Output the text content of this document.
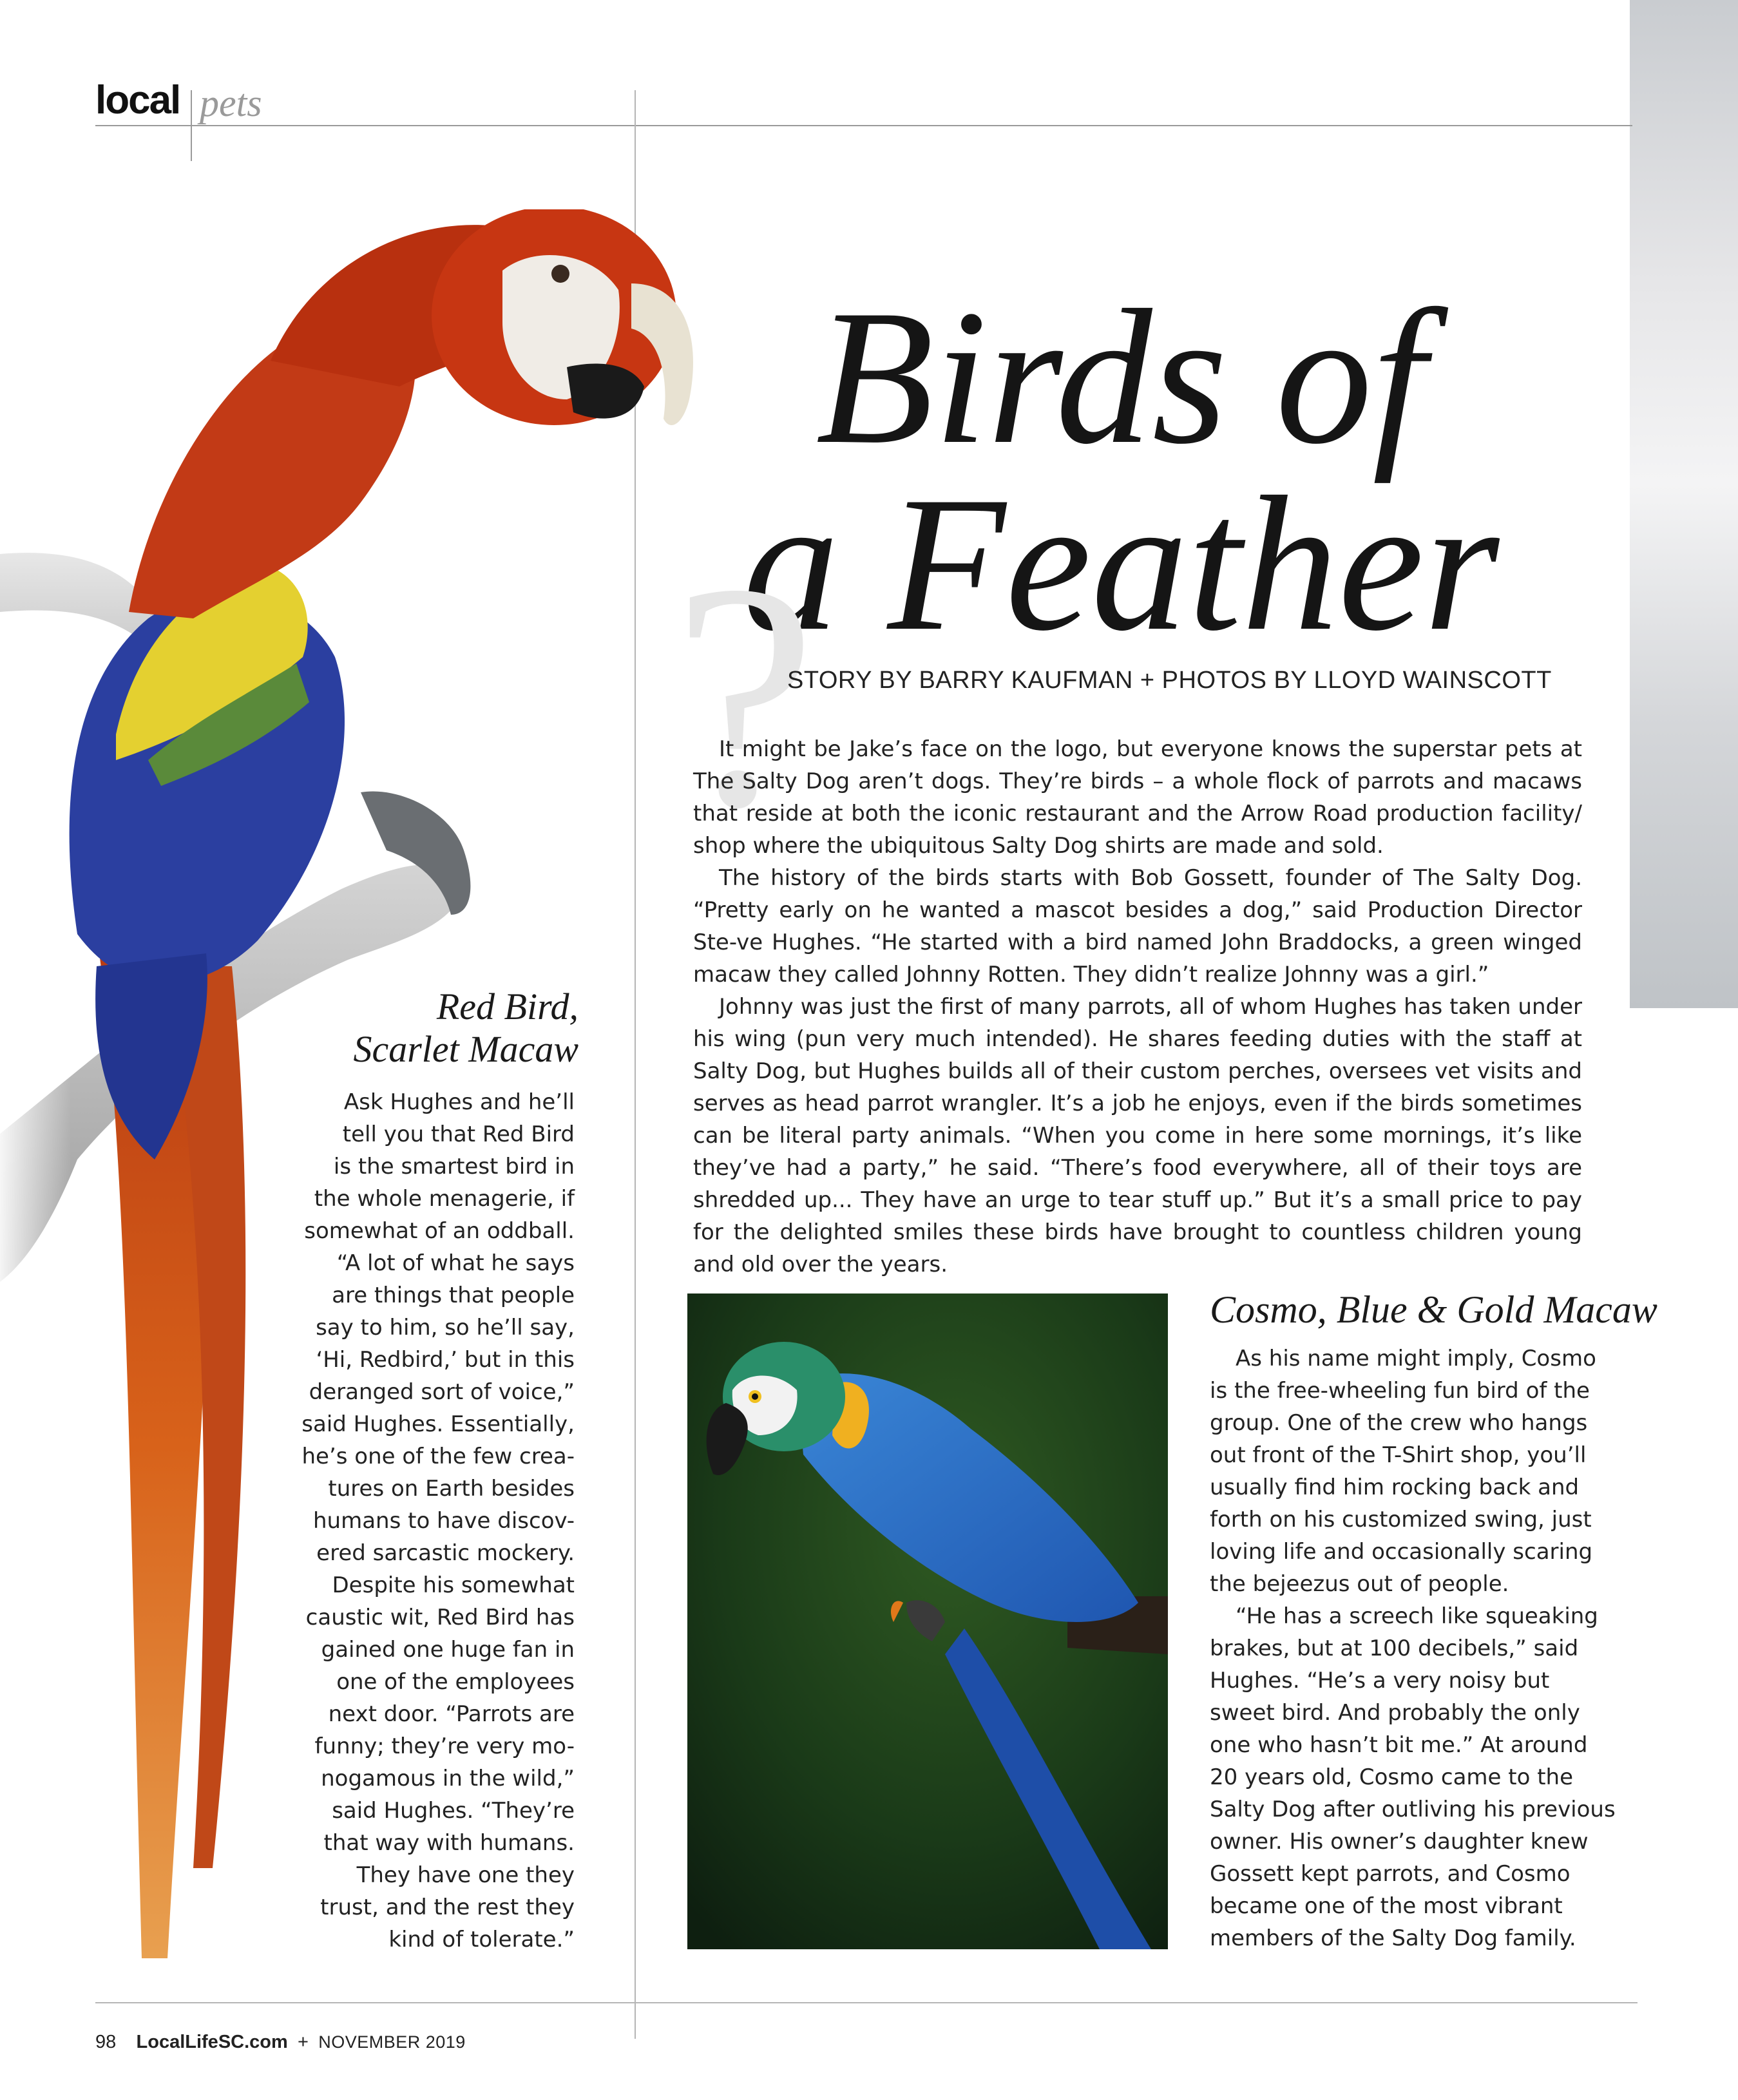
local pets
Birds of
a Feather
?
STORY BY BARRY KAUFMAN + PHOTOS BY LLOYD WAINSCOTT

It might be Jake’s face on the logo, but everyone knows the superstar pets at The Salty Dog aren’t dogs. They’re birds – a whole flock of parrots and macaws that reside at both the iconic restaurant and the Arrow Road production facility/ shop where the ubiquitous Salty Dog shirts are made and sold.

The history of the birds starts with Bob Gossett, founder of The Salty Dog. “Pretty early on he wanted a mascot besides a dog,” said Production Director Ste-ve Hughes. “He started with a bird named John Braddocks, a green winged macaw they called Johnny Rotten. They didn’t realize Johnny was a girl.”

Johnny was just the first of many parrots, all of whom Hughes has taken under his wing (pun very much intended). He shares feeding duties with the staff at Salty Dog, but Hughes builds all of their custom perches, oversees vet visits and serves as head parrot wrangler. It’s a job he enjoys, even if the birds sometimes can be literal party animals. “When you come in here some mornings, it’s like they’ve had a party,” he said. “There’s food everywhere, all of their toys are shredded up... They have an urge to tear stuff up.” But it’s a small price to pay for the delighted smiles these birds have brought to countless children young and old over the years.

Red Bird,
Scarlet Macaw
Ask Hughes and he’ll
tell you that Red Bird
is the smartest bird in
the whole menagerie, if
somewhat of an oddball.
“A lot of what he says
are things that people
say to him, so he’ll say,
‘Hi, Redbird,’ but in this
deranged sort of voice,”
said Hughes. Essentially,
he’s one of the few crea-
tures on Earth besides
humans to have discov-
ered sarcastic mockery.
Despite his somewhat
caustic wit, Red Bird has
gained one huge fan in
one of the employees
next door. “Parrots are
funny; they’re very mo-
nogamous in the wild,”
said Hughes. “They’re
that way with humans.
They have one they
trust, and the rest they
kind of tolerate.”
Cosmo, Blue & Gold Macaw

As his name might imply, Cosmo is the free-wheeling fun bird of the group. One of the crew who hangs out front of the T-Shirt shop, you’ll usually find him rocking back and forth on his customized swing, just loving life and occasionally scaring the bejeezus out of people.

“He has a screech like squeaking brakes, but at 100 decibels,” said Hughes. “He’s a very noisy but sweet bird. And probably the only one who hasn’t bit me.” At around 20 years old, Cosmo came to the Salty Dog after outliving his previous owner. His owner’s daughter knew Gossett kept parrots, and Cosmo became one of the most vibrant members of the Salty Dog family.

98 LocalLifeSC.com + NOVEMBER 2019
